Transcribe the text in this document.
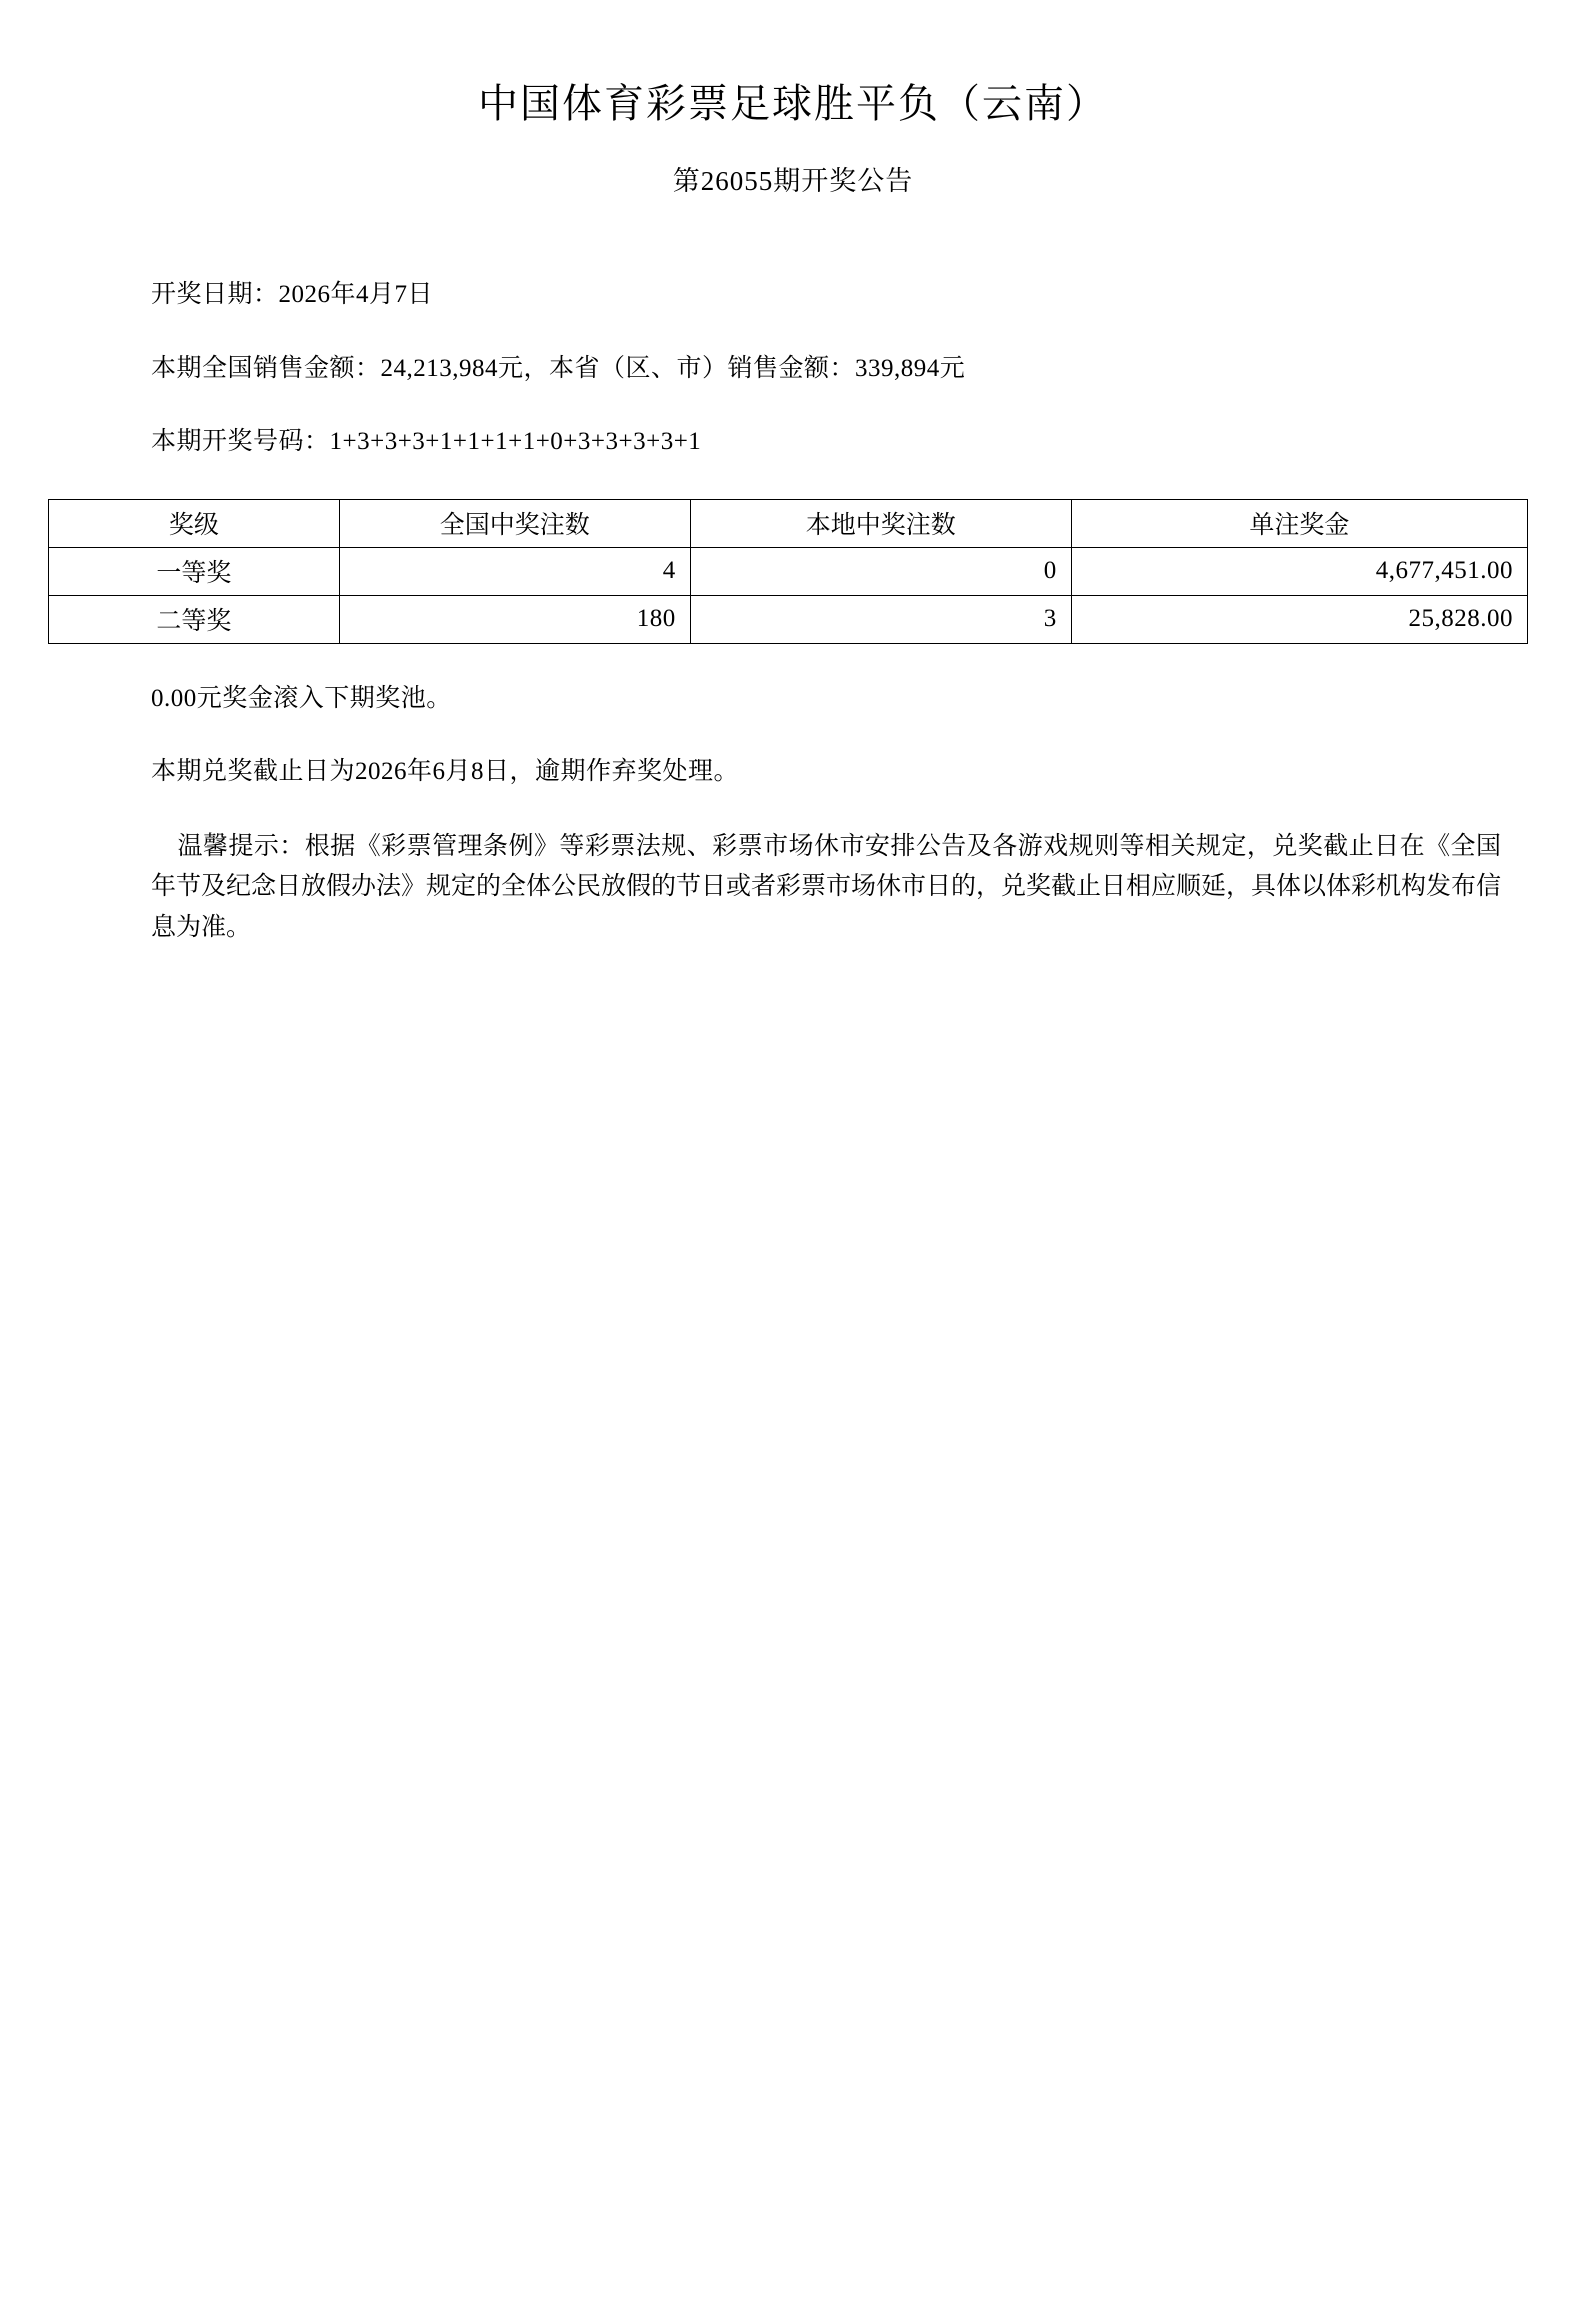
中国体育彩票足球胜平负（云南）
第26055期开奖公告
开奖日期：2026年4月7日
本期全国销售金额：24,213,984元，本省（区、市）销售金额：339,894元
本期开奖号码：1+3+3+3+1+1+1+1+0+3+3+3+3+1
奖级	全国中奖注数	本地中奖注数	单注奖金
一等奖	4	0	4,677,451.00
二等奖	180	3	25,828.00
0.00元奖金滚入下期奖池。
本期兑奖截止日为2026年6月8日，逾期作弃奖处理。
温馨提示：根据《彩票管理条例》等彩票法规、彩票市场休市安排公告及各游戏规则等相关规定，兑奖截止日在《全国年节及纪念日放假办法》规定的全体公民放假的节日或者彩票市场休市日的，兑奖截止日相应顺延，具体以体彩机构发布信息为准。
